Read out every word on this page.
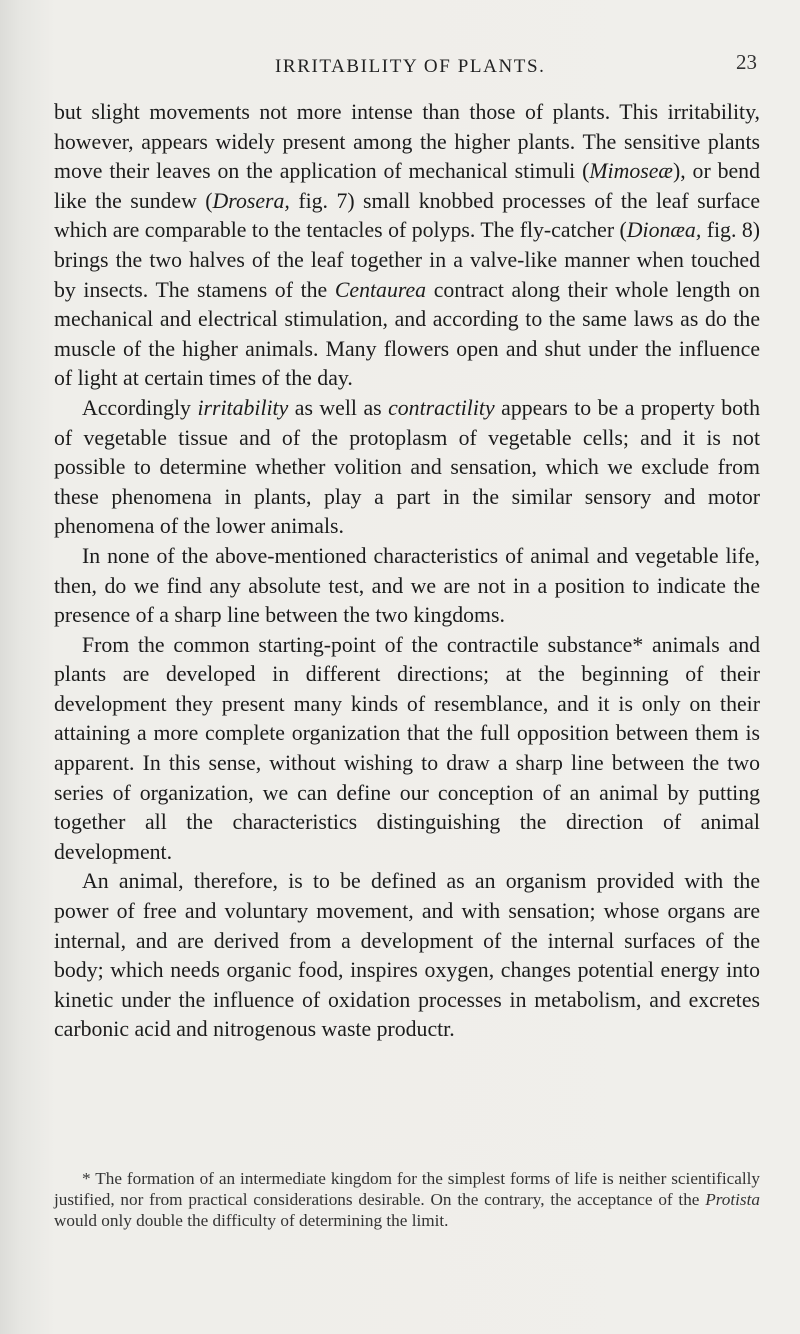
IRRITABILITY OF PLANTS.	23

but slight movements not more intense than those of plants. This irritability, however, appears widely present among the higher plants. The sensitive plants move their leaves on the application of mechanical stimuli (Mimoseæ), or bend like the sundew (Drosera, fig. 7) small knobbed processes of the leaf surface which are comparable to the tentacles of polyps. The fly-catcher (Dionæa, fig. 8) brings the two halves of the leaf together in a valve-like manner when touched by insects. The stamens of the Centaurea contract along their whole length on mechanical and electrical stimulation, and according to the same laws as do the muscle of the higher animals. Many flowers open and shut under the influence of light at certain times of the day.

Accordingly irritability as well as contractility appears to be a property both of vegetable tissue and of the protoplasm of vegetable cells; and it is not possible to determine whether volition and sensation, which we exclude from these phenomena in plants, play a part in the similar sensory and motor phenomena of the lower animals.

In none of the above-mentioned characteristics of animal and vegetable life, then, do we find any absolute test, and we are not in a position to indicate the presence of a sharp line between the two kingdoms.

From the common starting-point of the contractile substance* animals and plants are developed in different directions; at the beginning of their development they present many kinds of resemblance, and it is only on their attaining a more complete organization that the full opposition between them is apparent. In this sense, without wishing to draw a sharp line between the two series of organization, we can define our conception of an animal by putting together all the characteristics distinguishing the direction of animal development.

An animal, therefore, is to be defined as an organism provided with the power of free and voluntary movement, and with sensation; whose organs are internal, and are derived from a development of the internal surfaces of the body; which needs organic food, inspires oxygen, changes potential energy into kinetic under the influence of oxidation processes in metabolism, and excretes carbonic acid and nitrogenous waste productr.

* The formation of an intermediate kingdom for the simplest forms of life is neither scientifically justified, nor from practical considerations desirable. On the contrary, the acceptance of the Protista would only double the difficulty of determining the limit.
